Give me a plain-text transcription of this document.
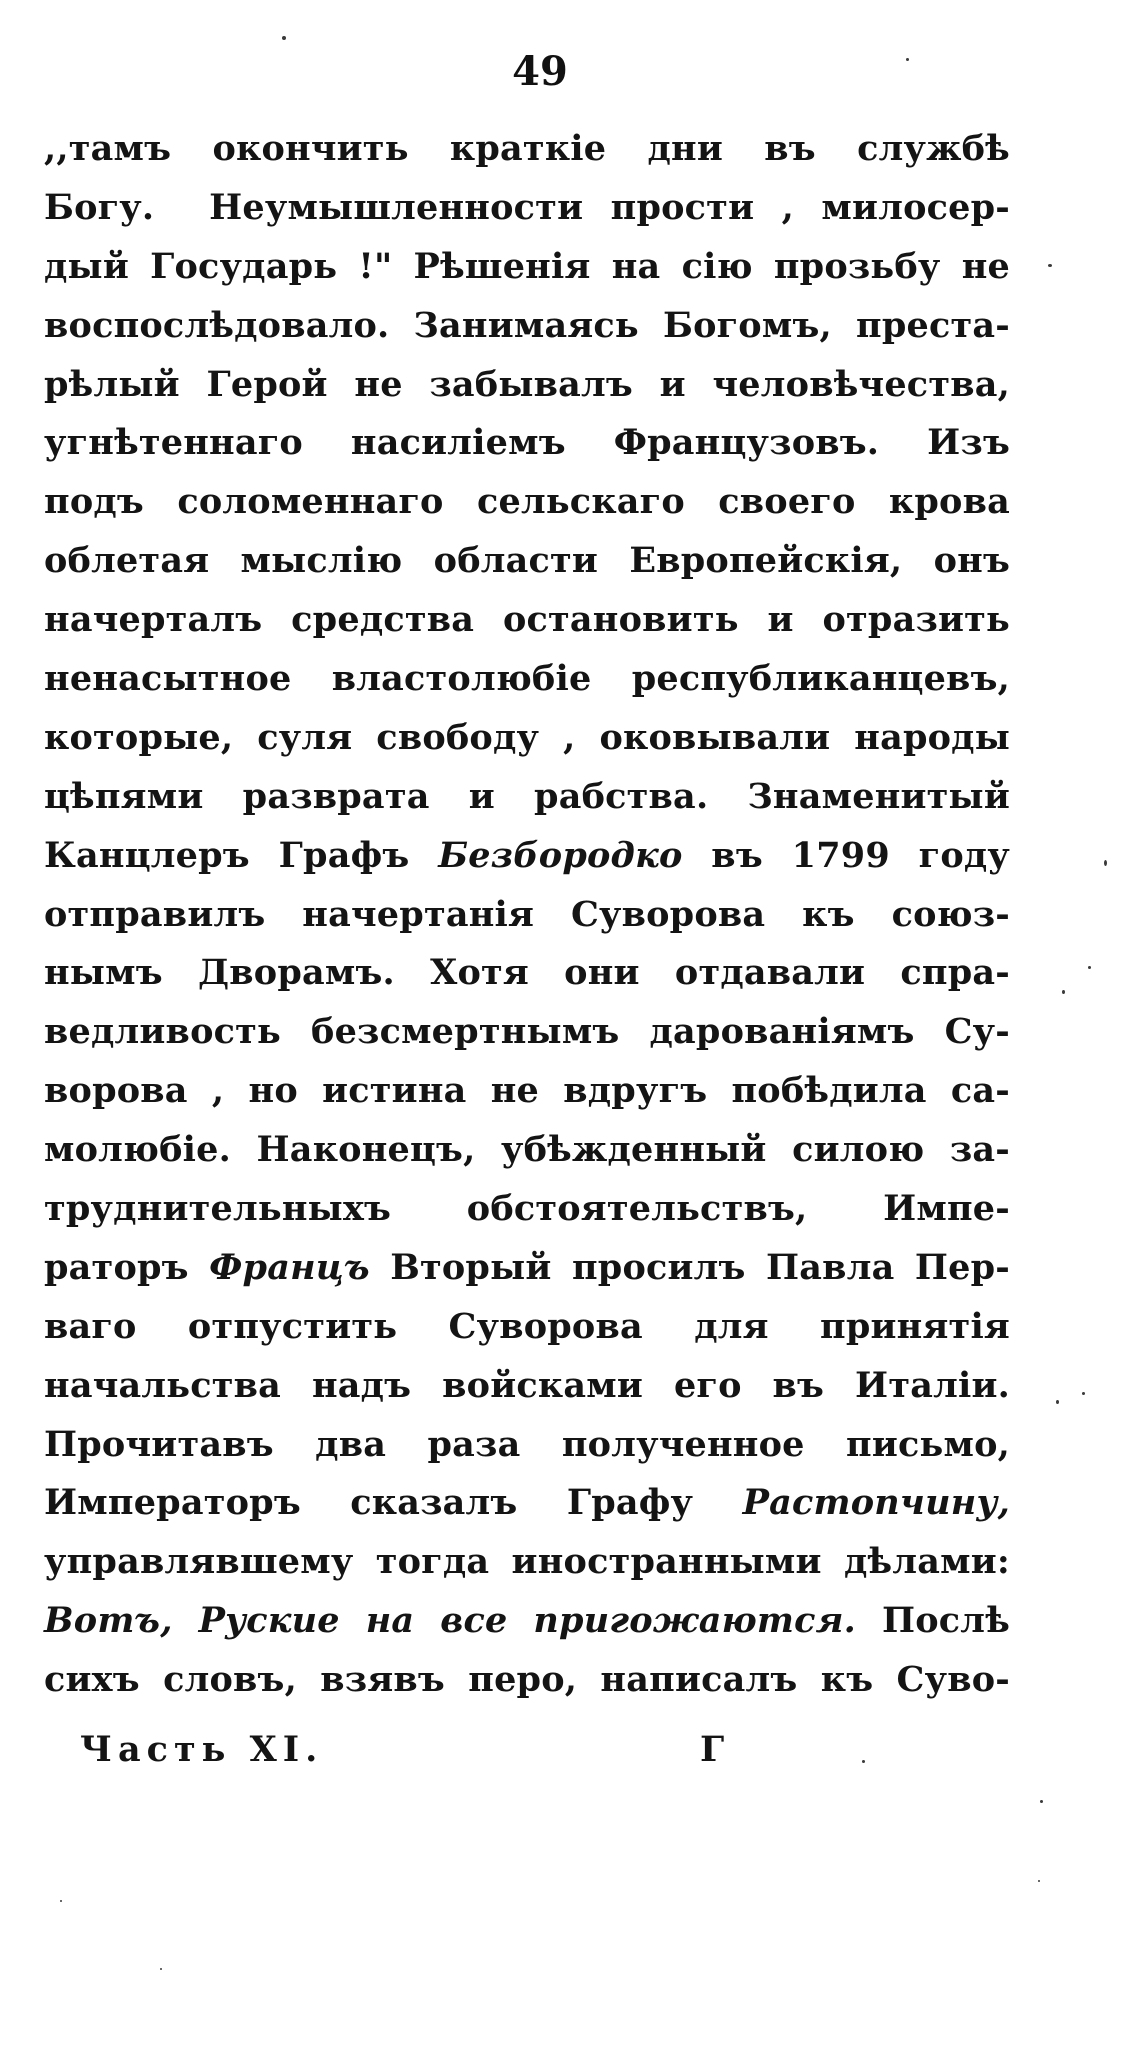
49
,,тамъ окончить краткіе дни въ службѣ
Богу.  Неумышленности прости , милосер-
дый Государь !" Рѣшенія на сію прозьбу не
воспослѣдовало. Занимаясь Богомъ, преста-
рѣлый Герой не забывалъ и человѣчества,
угнѣтеннаго насиліемъ Французовъ. Изъ
подъ соломеннаго сельскаго своего крова
облетая мыслію области Европейскія, онъ
начерталъ средства остановить и отразить
ненасытное властолюбіе республиканцевъ,
которые, суля свободу , оковывали народы
цѣпями разврата и рабства. Знаменитый
Канцлеръ Графъ Безбородко въ 1799 году
отправилъ начертанія Суворова къ союз-
нымъ Дворамъ. Хотя они отдавали спра-
ведливость безсмертнымъ дарованіямъ Су-
ворова , но истина не вдругъ побѣдила са-
молюбіе. Наконецъ, убѣжденный силою за-
труднительныхъ обстоятельствъ, Импе-
раторъ Францъ Вторый просилъ Павла Пер-
ваго отпустить Суворова для принятія
начальства надъ войсками его въ Италіи.
Прочитавъ два раза полученное письмо,
Императоръ сказалъ Графу Растопчину,
управлявшему тогда иностранными дѣлами:
Вотъ, Руские на все пригожаются. Послѣ
сихъ словъ, взявъ перо, написалъ къ Суво-
Часть XI.	Г
